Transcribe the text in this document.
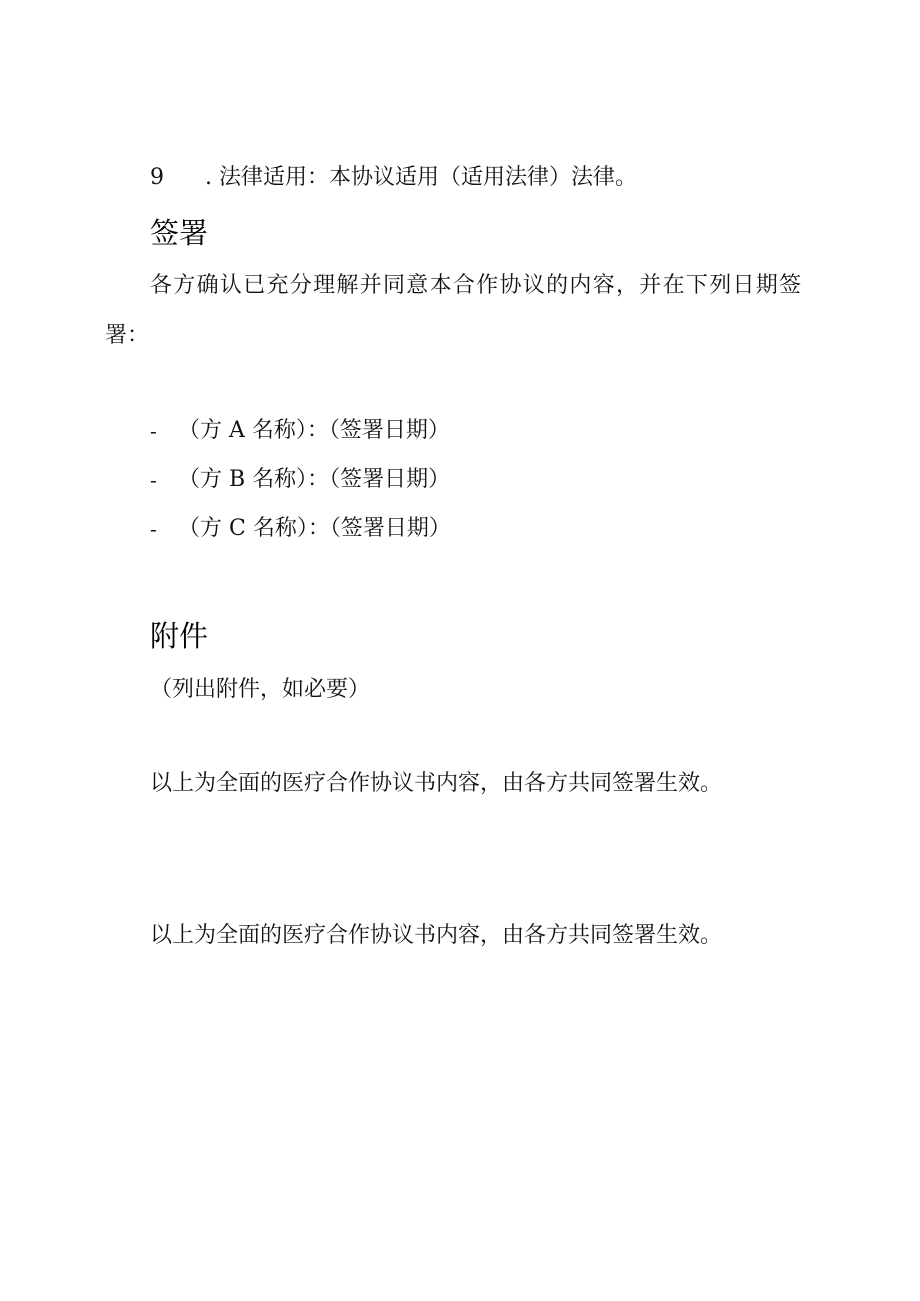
9 . 法律适用：本协议适用（适用法律）法律。
签署
各方确认已充分理解并同意本合作协议的内容，并在下列日期签
署：
- （方 A 名称）：（签署日期）
- （方 B 名称）：（签署日期）
- （方 C 名称）：（签署日期）
附件
（列出附件，如必要）
以上为全面的医疗合作协议书内容，由各方共同签署生效。
以上为全面的医疗合作协议书内容，由各方共同签署生效。
